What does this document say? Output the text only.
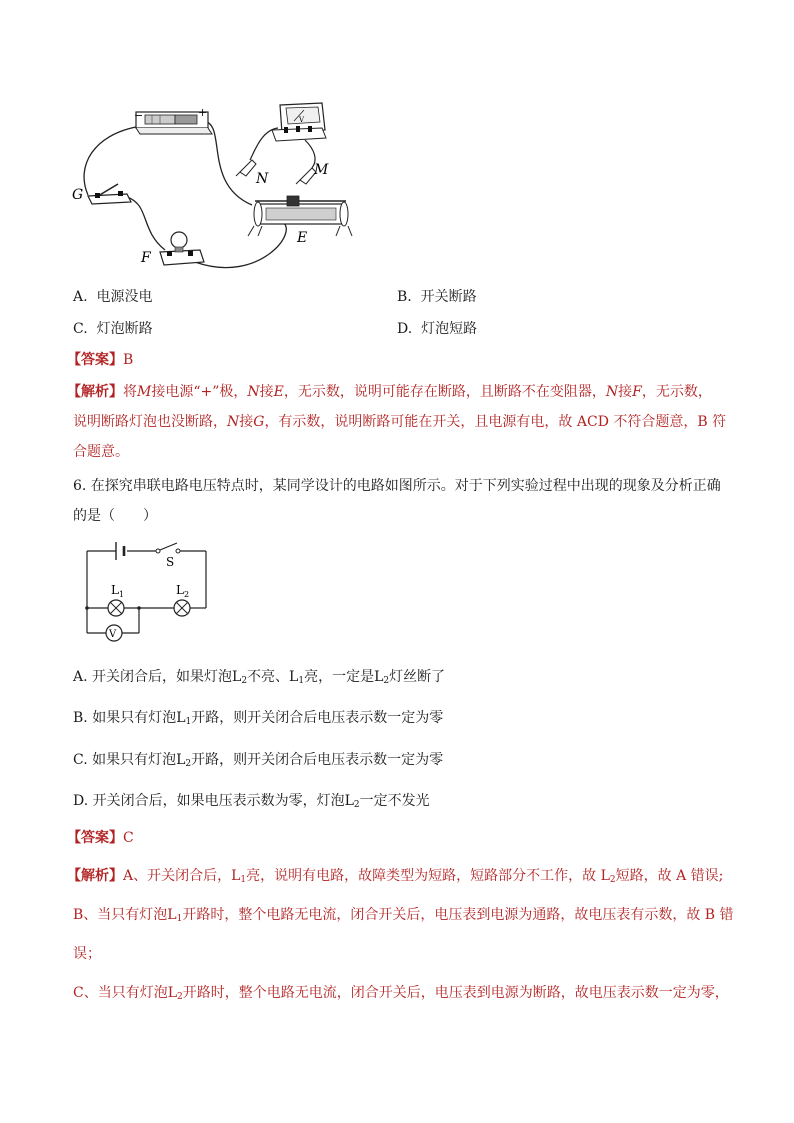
−	+
V
N
M
G
F
E
A. 电源没电	B. 开关断路
C. 灯泡断路	D. 灯泡短路
【答案】B
【解析】将M接电源“+”极，N接E，无示数，说明可能存在断路，且断路不在变阻器，N接F，无示数，
说明断路灯泡也没断路，N接G，有示数，说明断路可能在开关，且电源有电，故 ACD 不符合题意，B 符
合题意。
6. 在探究串联电路电压特点时，某同学设计的电路如图所示。对于下列实验过程中出现的现象及分析正确
的是（　　）
S
$L_1$	$L_2$
V
A. 开关闭合后，如果灯泡$L_2$不亮、$L_1$亮，一定是$L_2$灯丝断了
B. 如果只有灯泡$L_1$开路，则开关闭合后电压表示数一定为零
C. 如果只有灯泡$L_2$开路，则开关闭合后电压表示数一定为零
D. 开关闭合后，如果电压表示数为零，灯泡$L_2$一定不发光
【答案】C
【解析】A、开关闭合后，$L_1$亮，说明有电路，故障类型为短路，短路部分不工作，故 $L_2$短路，故 A 错误;
B、当只有灯泡$L_1$开路时，整个电路无电流，闭合开关后，电压表到电源为通路，故电压表有示数，故 B 错
误；
C、当只有灯泡$L_2$开路时，整个电路无电流，闭合开关后，电压表到电源为断路，故电压表示数一定为零，
